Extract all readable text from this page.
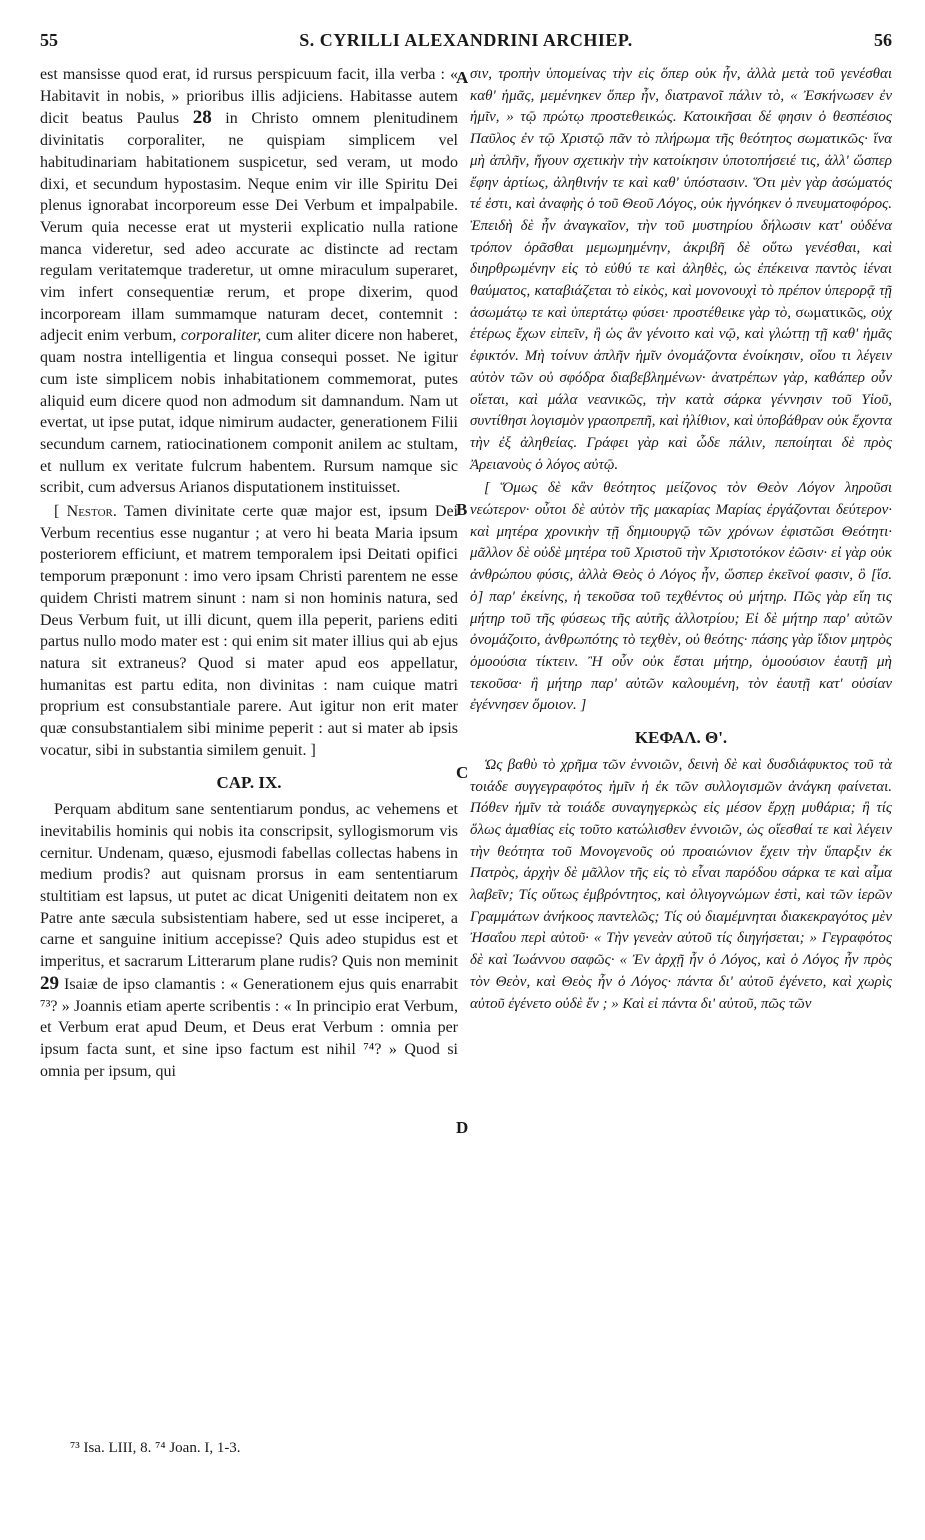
55	S. CYRILLI ALEXANDRINI ARCHIEP.	56
A
B
C
D

est mansisse quod erat, id rursus perspicuum facit, illa verba : « Habitavit in nobis, » prioribus illis adjiciens. Habitasse autem dicit beatus Paulus 28 in Christo omnem plenitudinem divinitatis corporaliter, ne quispiam simplicem vel habitudinariam habitationem suspicetur, sed veram, ut modo dixi, et secundum hypostasim. Neque enim vir ille Spiritu Dei plenus ignorabat incorporeum esse Dei Verbum et impalpabile. Verum quia necesse erat ut mysterii explicatio nulla ratione manca videretur, sed adeo accurate ac distincte ad rectam regulam veritatemque traderetur, ut omne miraculum superaret, vim infert consequentiæ rerum, et prope dixerim, quod incorpoream illam summamque naturam decet, contemnit : adjecit enim verbum, corporaliter, cum aliter dicere non haberet, quam nostra intelligentia et lingua consequi posset. Ne igitur cum iste simplicem nobis inhabitationem commemorat, putes aliquid eum dicere quod non admodum sit damnandum. Nam ut evertat, ut ipse putat, idque nimirum audacter, generationem Filii secundum carnem, ratiocinationem componit anilem ac stultam, et nullum ex veritate fulcrum habentem. Rursum namque sic scribit, cum adversus Arianos disputationem instituisset.

[ Nestor. Tamen divinitate certe quæ major est, ipsum Dei Verbum recentius esse nugantur ; at vero hi beata Maria ipsum posteriorem efficiunt, et matrem temporalem ipsi Deitati opifici temporum præponunt : imo vero ipsam Christi parentem ne esse quidem Christi matrem sinunt : nam si non hominis natura, sed Deus Verbum fuit, ut illi dicunt, quem illa peperit, pariens editi partus nullo modo mater est : qui enim sit mater illius qui ab ejus natura sit extraneus? Quod si mater apud eos appellatur, humanitas est partu edita, non divinitas : nam cuique matri proprium est consubstantiale parere. Aut igitur non erit mater quæ consubstantialem sibi minime peperit : aut si mater ab ipsis vocatur, sibi in substantia similem genuit. ]

CAP. IX.

Perquam abditum sane sententiarum pondus, ac vehemens et inevitabilis hominis qui nobis ita conscripsit, syllogismorum vis cernitur. Undenam, quæso, ejusmodi fabellas collectas habens in medium prodis? aut quisnam prorsus in eam sententiarum stultitiam est lapsus, ut putet ac dicat Unigeniti deitatem non ex Patre ante sæcula subsistentiam habere, sed ut esse inciperet, a carne et sanguine initium accepisse? Quis adeo stupidus est et imperitus, et sacrarum Litterarum plane rudis? Quis non meminit 29 Isaiæ de ipso clamantis : « Generationem ejus quis enarrabit ⁷³? » Joannis etiam aperte scribentis : « In principio erat Verbum, et Verbum erat apud Deum, et Deus erat Verbum : omnia per ipsum facta sunt, et sine ipso factum est nihil ⁷⁴? » Quod si omnia per ipsum, qui

σιν, τροπὴν ὑπομείνας τὴν εἰς ὅπερ οὐκ ἦν, ἀλλὰ μετὰ τοῦ γενέσθαι καθ' ἡμᾶς, μεμένηκεν ὅπερ ἦν, διατρανοῖ πάλιν τὸ, « Ἐσκήνωσεν ἐν ἡμῖν, » τῷ πρώτῳ προστεθεικώς. Κατοικῆσαι δέ φησιν ὁ θεσπέσιος Παῦλος ἐν τῷ Χριστῷ πᾶν τὸ πλήρωμα τῆς θεότητος σωματικῶς· ἵνα μὴ ἁπλῆν, ἤγουν σχετικὴν τὴν κατοίκησιν ὑποτοπήσειέ τις, ἀλλ' ὥσπερ ἔφην ἀρτίως, ἀληθινήν τε καὶ καθ' ὑπόστασιν. Ὅτι μὲν γὰρ ἀσώματός τέ ἐστι, καὶ ἀναφὴς ὁ τοῦ Θεοῦ Λόγος, οὐκ ἠγνόηκεν ὁ πνευματοφόρος. Ἐπειδὴ δὲ ἦν ἀναγκαῖον, τὴν τοῦ μυστηρίου δήλωσιν κατ' οὐδένα τρόπον ὁρᾶσθαι μεμωμημένην, ἀκριβῆ δὲ οὕτω γενέσθαι, καὶ διηρθρωμένην εἰς τὸ εὐθύ τε καὶ ἀληθὲς, ὡς ἐπέκεινα παντὸς ἰέναι θαύματος, καταβιάζεται τὸ εἰκὸς, καὶ μονονουχὶ τὸ πρέπον ὑπερορᾷ τῇ ἀσωμάτῳ τε καὶ ὑπερτάτῳ φύσει· προστέθεικε γὰρ τὸ, σωματικῶς, οὐχ ἑτέρως ἔχων εἰπεῖν, ἢ ὡς ἂν γένοιτο καὶ νῷ, καὶ γλώττῃ τῇ καθ' ἡμᾶς ἐφικτόν. Μὴ τοίνυν ἁπλῆν ἡμῖν ὀνομάζοντα ἐνοίκησιν, οἴου τι λέγειν αὐτὸν τῶν οὐ σφόδρα διαβεβλημένων· ἀνατρέπων γὰρ, καθάπερ οὖν οἴεται, καὶ μάλα νεανικῶς, τὴν κατὰ σάρκα γέννησιν τοῦ Υἱοῦ, συντίθησι λογισμὸν γραοπρεπῆ, καὶ ἠλίθιον, καὶ ὑποβάθραν οὐκ ἔχοντα τὴν ἐξ ἀληθείας. Γράφει γὰρ καὶ ὧδε πάλιν, πεποίηται δὲ πρὸς Ἀρειανοὺς ὁ λόγος αὐτῷ.

[ Ὅμως δὲ κἂν θεότητος μείζονος τὸν Θεὸν Λόγον ληροῦσι νεώτερον· οὗτοι δὲ αὐτὸν τῆς μακαρίας Μαρίας ἐργάζονται δεύτερον· καὶ μητέρα χρονικὴν τῇ δημιουργῷ τῶν χρόνων ἐφιστῶσι Θεότητι· μᾶλλον δὲ οὐδὲ μητέρα τοῦ Χριστοῦ τὴν Χριστοτόκον ἐῶσιν· εἰ γὰρ οὐκ ἀνθρώπου φύσις, ἀλλὰ Θεὸς ὁ Λόγος ἦν, ὥσπερ ἐκεῖνοί φασιν, ὃ [ἴσ. ὁ] παρ' ἐκείνης, ἡ τεκοῦσα τοῦ τεχθέντος οὐ μήτηρ. Πῶς γὰρ εἴη τις μήτηρ τοῦ τῆς φύσεως τῆς αὐτῆς ἀλλοτρίου; Εἰ δὲ μήτηρ παρ' αὐτῶν ὀνομάζοιτο, ἀνθρωπότης τὸ τεχθὲν, οὐ θεότης· πάσης γὰρ ἴδιον μητρὸς ὁμοούσια τίκτειν. Ἢ οὖν οὐκ ἔσται μήτηρ, ὁμοούσιον ἑαυτῇ μὴ τεκοῦσα· ἢ μήτηρ παρ' αὐτῶν καλουμένη, τὸν ἑαυτῇ κατ' οὐσίαν ἐγέννησεν ὅμοιον. ]

ΚΕΦΑΛ. Θ'.

Ὡς βαθὺ τὸ χρῆμα τῶν ἐννοιῶν, δεινὴ δὲ καὶ δυσδιάφυκτος τοῦ τὰ τοιάδε συγγεγραφότος ἡμῖν ἡ ἐκ τῶν συλλογισμῶν ἀνάγκη φαίνεται. Πόθεν ἡμῖν τὰ τοιάδε συναγηγερκὼς εἰς μέσον ἔρχῃ μυθάρια; ἢ τίς ὅλως ἀμαθίας εἰς τοῦτο κατώλισθεν ἐννοιῶν, ὡς οἴεσθαί τε καὶ λέγειν τὴν θεότητα τοῦ Μονογενοῦς οὐ προαιώνιον ἔχειν τὴν ὕπαρξιν ἐκ Πατρὸς, ἀρχὴν δὲ μᾶλλον τῆς εἰς τὸ εἶναι παρόδου σάρκα τε καὶ αἷμα λαβεῖν; Τίς οὕτως ἐμβρόντητος, καὶ ὀλιγογνώμων ἐστὶ, καὶ τῶν ἱερῶν Γραμμάτων ἀνήκοος παντελῶς; Τίς οὐ διαμέμνηται διακεκραγότος μὲν Ἠσαΐου περὶ αὐτοῦ· « Τὴν γενεὰν αὐτοῦ τίς διηγήσεται; » Γεγραφότος δὲ καὶ Ἰωάννου σαφῶς· « Ἐν ἀρχῇ ἦν ὁ Λόγος, καὶ ὁ Λόγος ἦν πρὸς τὸν Θεὸν, καὶ Θεὸς ἦν ὁ Λόγος· πάντα δι' αὐτοῦ ἐγένετο, καὶ χωρὶς αὐτοῦ ἐγένετο οὐδὲ ἕν ; » Καὶ εἰ πάντα δι' αὐτοῦ, πῶς τῶν

⁷³ Isa. LIII, 8. ⁷⁴ Joan. I, 1-3.
